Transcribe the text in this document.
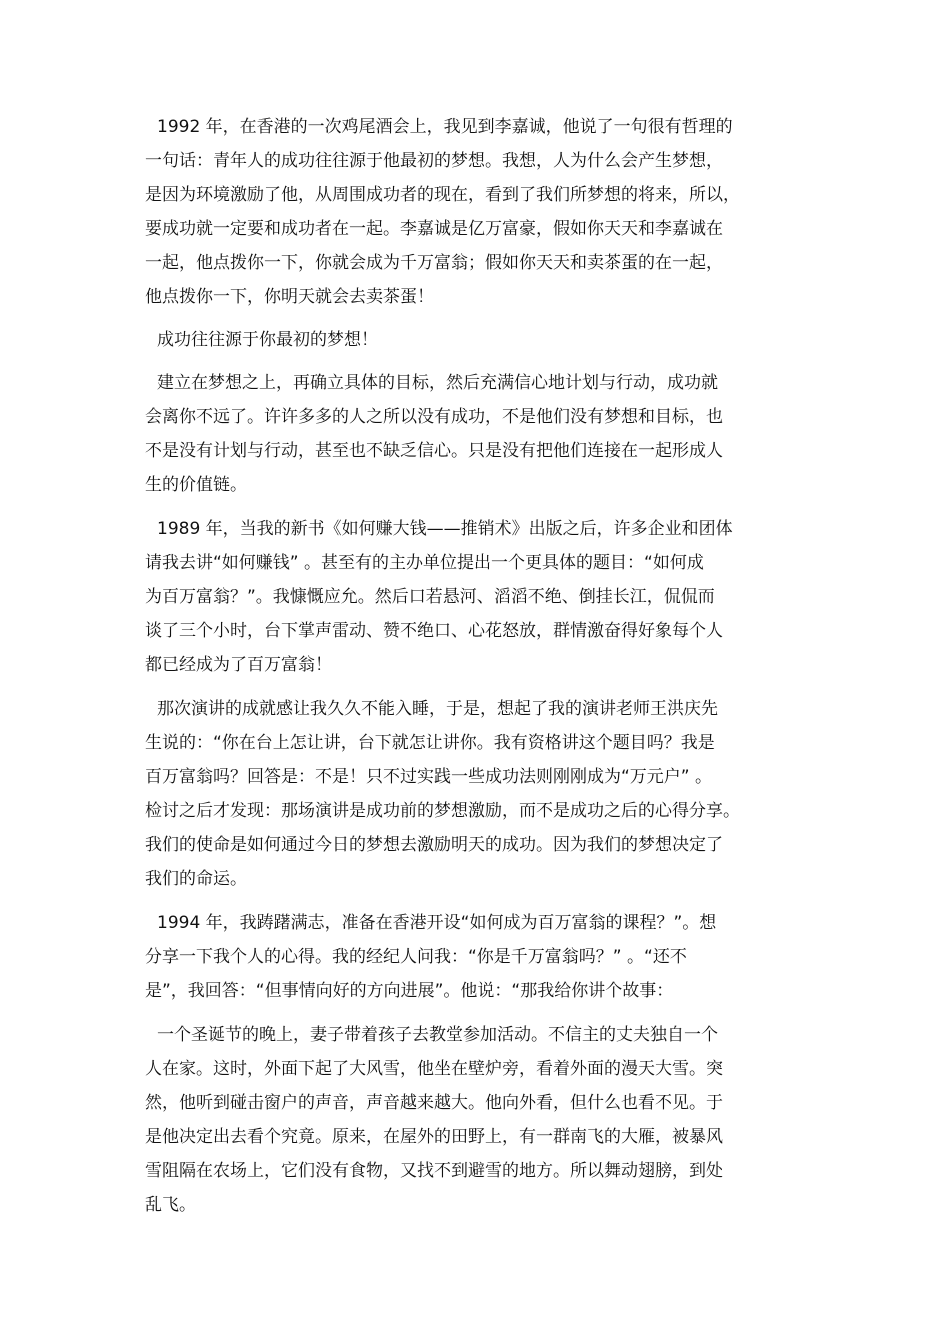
1992 年，在香港的一次鸡尾酒会上，我见到李嘉诚，他说了一句很有哲理的
一句话：青年人的成功往往源于他最初的梦想。我想，人为什么会产生梦想，
是因为环境激励了他，从周围成功者的现在，看到了我们所梦想的将来，所以，
要成功就一定要和成功者在一起。李嘉诚是亿万富豪，假如你天天和李嘉诚在
一起，他点拨你一下，你就会成为千万富翁；假如你天天和卖茶蛋的在一起，
他点拨你一下，你明天就会去卖茶蛋！

成功往往源于你最初的梦想！

建立在梦想之上，再确立具体的目标，然后充满信心地计划与行动，成功就
会离你不远了。许许多多的人之所以没有成功，不是他们没有梦想和目标，也
不是没有计划与行动，甚至也不缺乏信心。只是没有把他们连接在一起形成人
生的价值链。

1989 年，当我的新书《如何赚大钱——推销术》出版之后，许多企业和团体
请我去讲“如何赚钱” 。甚至有的主办单位提出一个更具体的题目：“如何成
为百万富翁？”。我慷慨应允。然后口若悬河、滔滔不绝、倒挂长江，侃侃而
谈了三个小时，台下掌声雷动、赞不绝口、心花怒放，群情激奋得好象每个人
都已经成为了百万富翁！

那次演讲的成就感让我久久不能入睡，于是，想起了我的演讲老师王洪庆先
生说的：“你在台上怎让讲，台下就怎让讲你。我有资格讲这个题目吗？我是
百万富翁吗？回答是：不是！只不过实践一些成功法则刚刚成为“万元户” 。
检讨之后才发现：那场演讲是成功前的梦想激励，而不是成功之后的心得分享。
我们的使命是如何通过今日的梦想去激励明天的成功。因为我们的梦想决定了
我们的命运。

1994 年，我踌躇满志，准备在香港开设“如何成为百万富翁的课程？”。想
分享一下我个人的心得。我的经纪人问我：“你是千万富翁吗？” 。“还不
是”，我回答：“但事情向好的方向进展”。他说：“那我给你讲个故事：

一个圣诞节的晚上，妻子带着孩子去教堂参加活动。不信主的丈夫独自一个
人在家。这时，外面下起了大风雪，他坐在壁炉旁，看着外面的漫天大雪。突
然，他听到碰击窗户的声音，声音越来越大。他向外看，但什么也看不见。于
是他决定出去看个究竟。原来，在屋外的田野上，有一群南飞的大雁，被暴风
雪阻隔在农场上，它们没有食物，又找不到避雪的地方。所以舞动翅膀，到处
乱飞。
